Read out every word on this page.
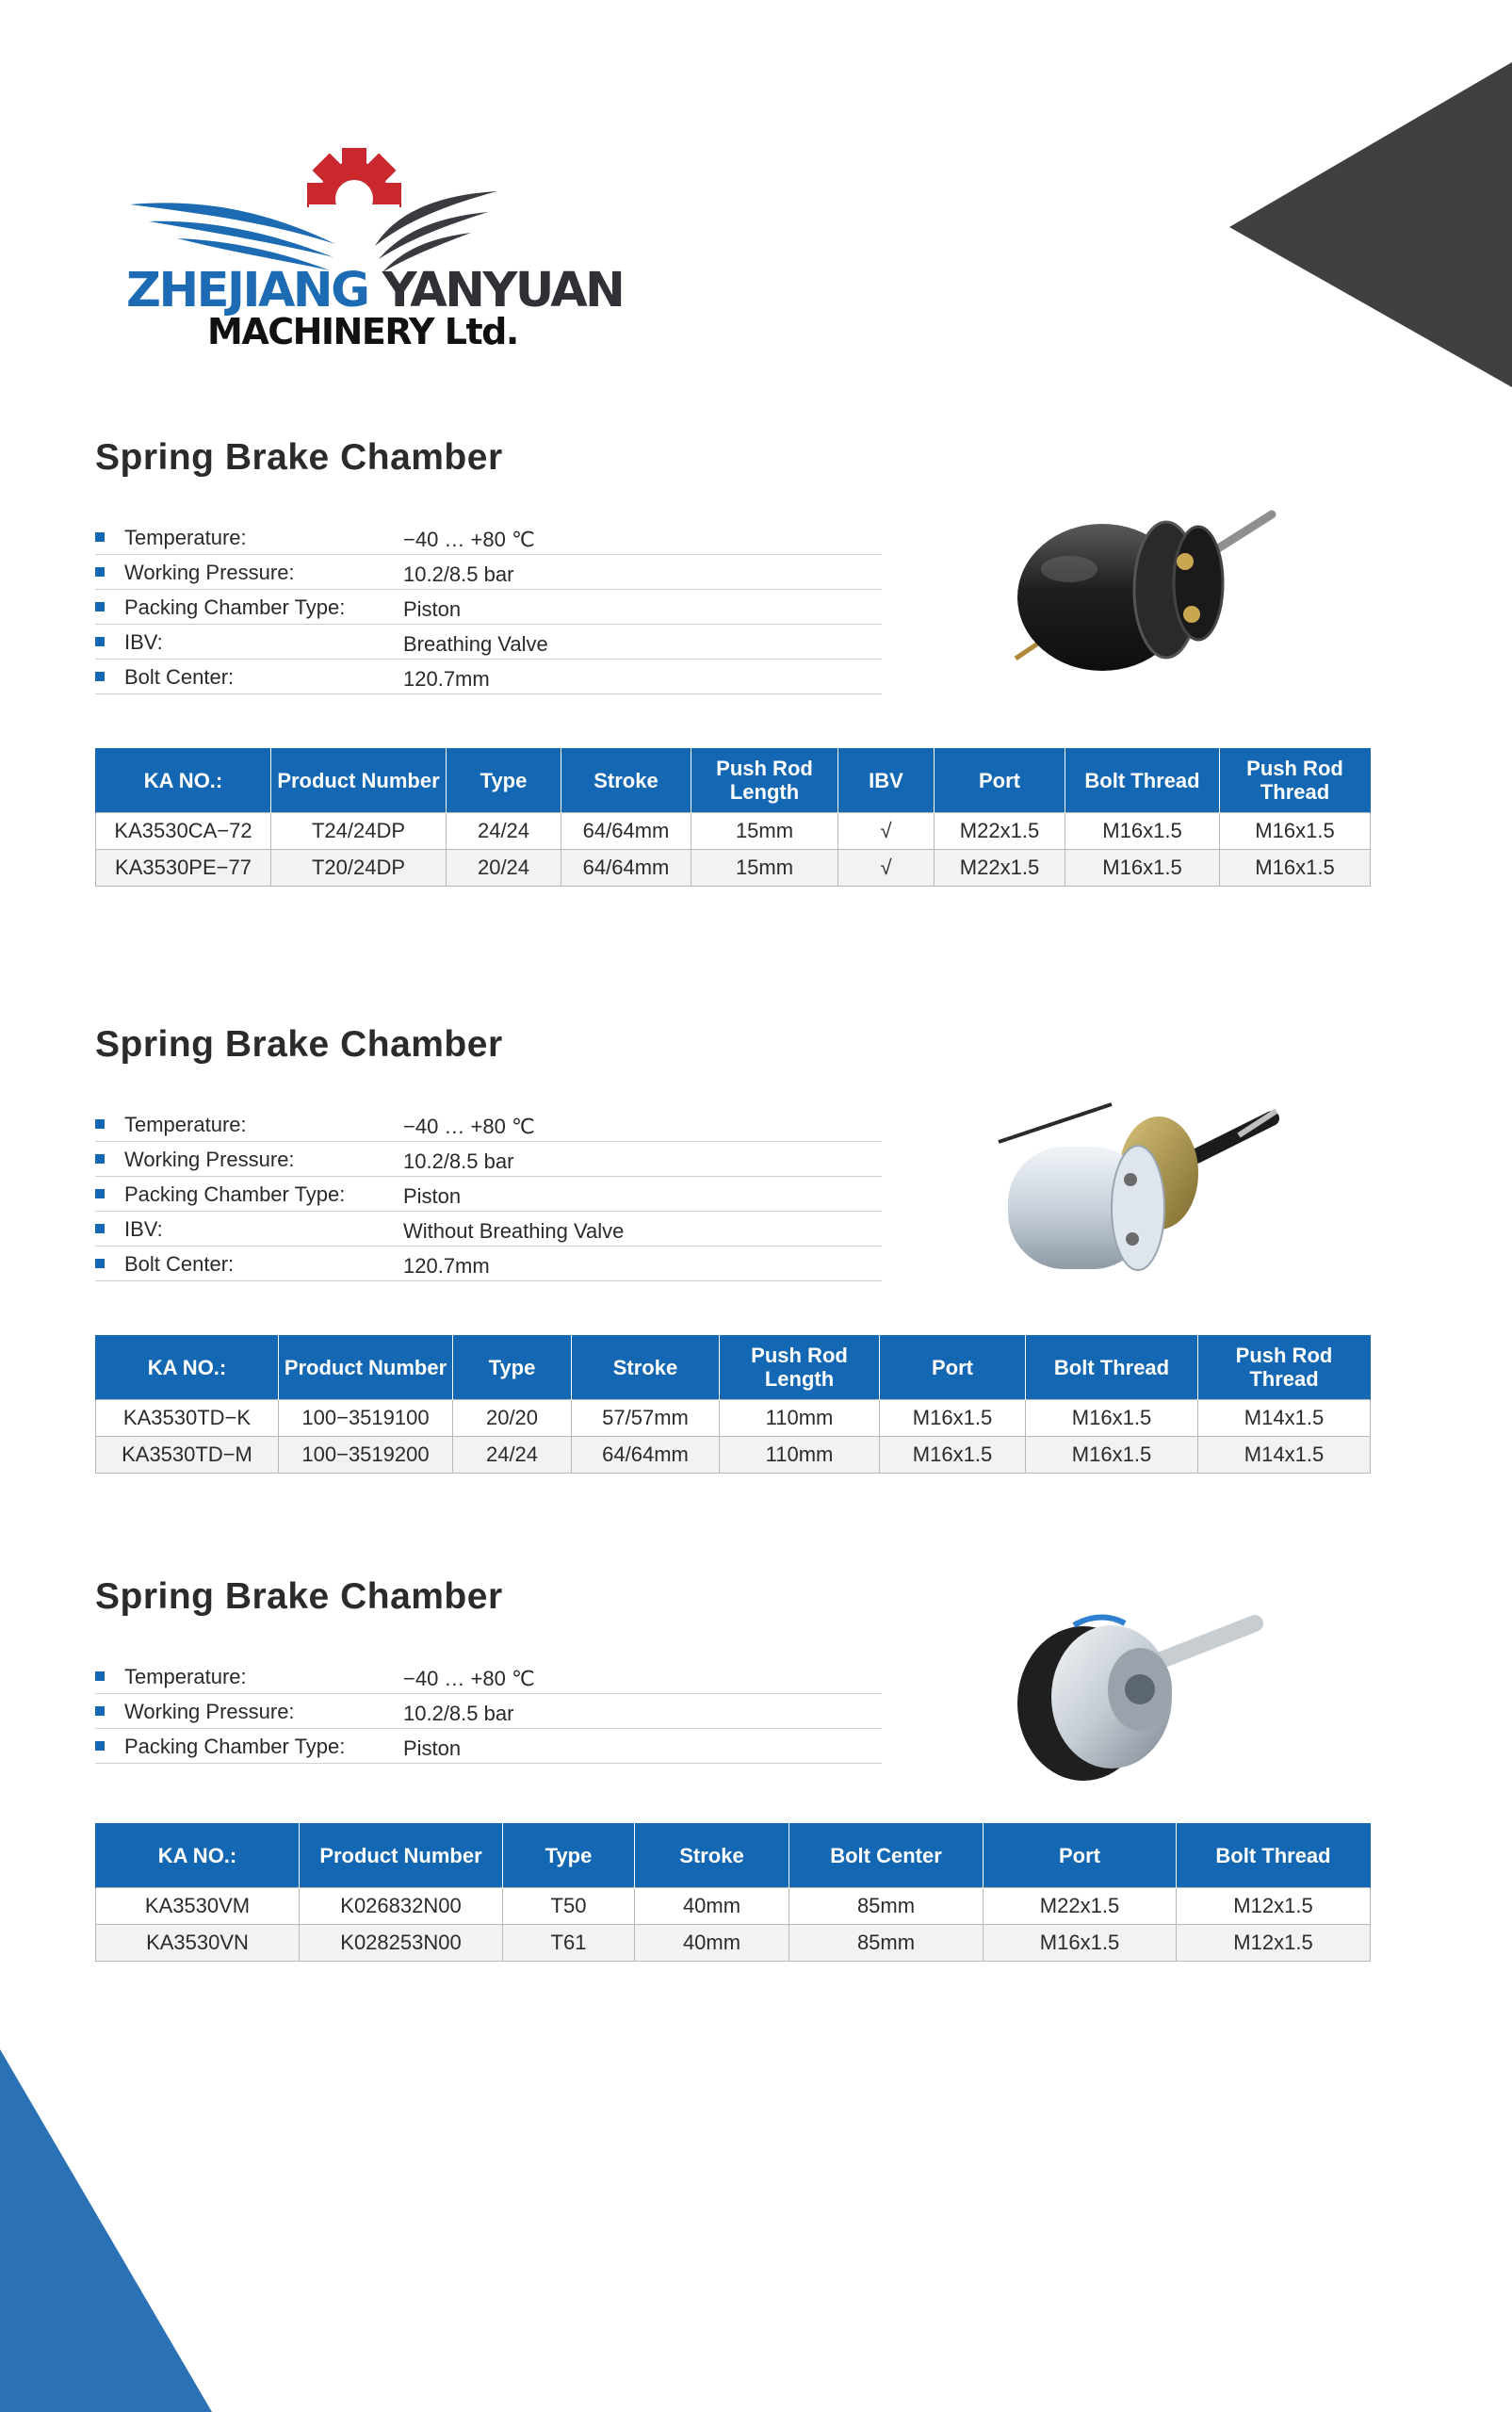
ZHEJIANG YANYUAN
MACHINERY Ltd.
Spring Brake Chamber
Temperature:	−40 … +80 ℃
Working Pressure:	10.2/8.5 bar
Packing Chamber Type:	Piston
IBV:	Breathing Valve
Bolt Center:	120.7mm
KA NO.:	Product Number	Type	Stroke	Push Rod Length	IBV	Port	Bolt Thread	Push Rod Thread
KA3530CA−72	T24/24DP	24/24	64/64mm	15mm	√	M22x1.5	M16x1.5	M16x1.5
KA3530PE−77	T20/24DP	20/24	64/64mm	15mm	√	M22x1.5	M16x1.5	M16x1.5
Spring Brake Chamber
Temperature:	−40 … +80 ℃
Working Pressure:	10.2/8.5 bar
Packing Chamber Type:	Piston
IBV:	Without Breathing Valve
Bolt Center:	120.7mm
KA NO.:	Product Number	Type	Stroke	Push Rod Length	Port	Bolt Thread	Push Rod Thread
KA3530TD−K	100−3519100	20/20	57/57mm	110mm	M16x1.5	M16x1.5	M14x1.5
KA3530TD−M	100−3519200	24/24	64/64mm	110mm	M16x1.5	M16x1.5	M14x1.5
Spring Brake Chamber
Temperature:	−40 … +80 ℃
Working Pressure:	10.2/8.5 bar
Packing Chamber Type:	Piston
KA NO.:	Product Number	Type	Stroke	Bolt Center	Port	Bolt Thread
KA3530VM	K026832N00	T50	40mm	85mm	M22x1.5	M12x1.5
KA3530VN	K028253N00	T61	40mm	85mm	M16x1.5	M12x1.5
